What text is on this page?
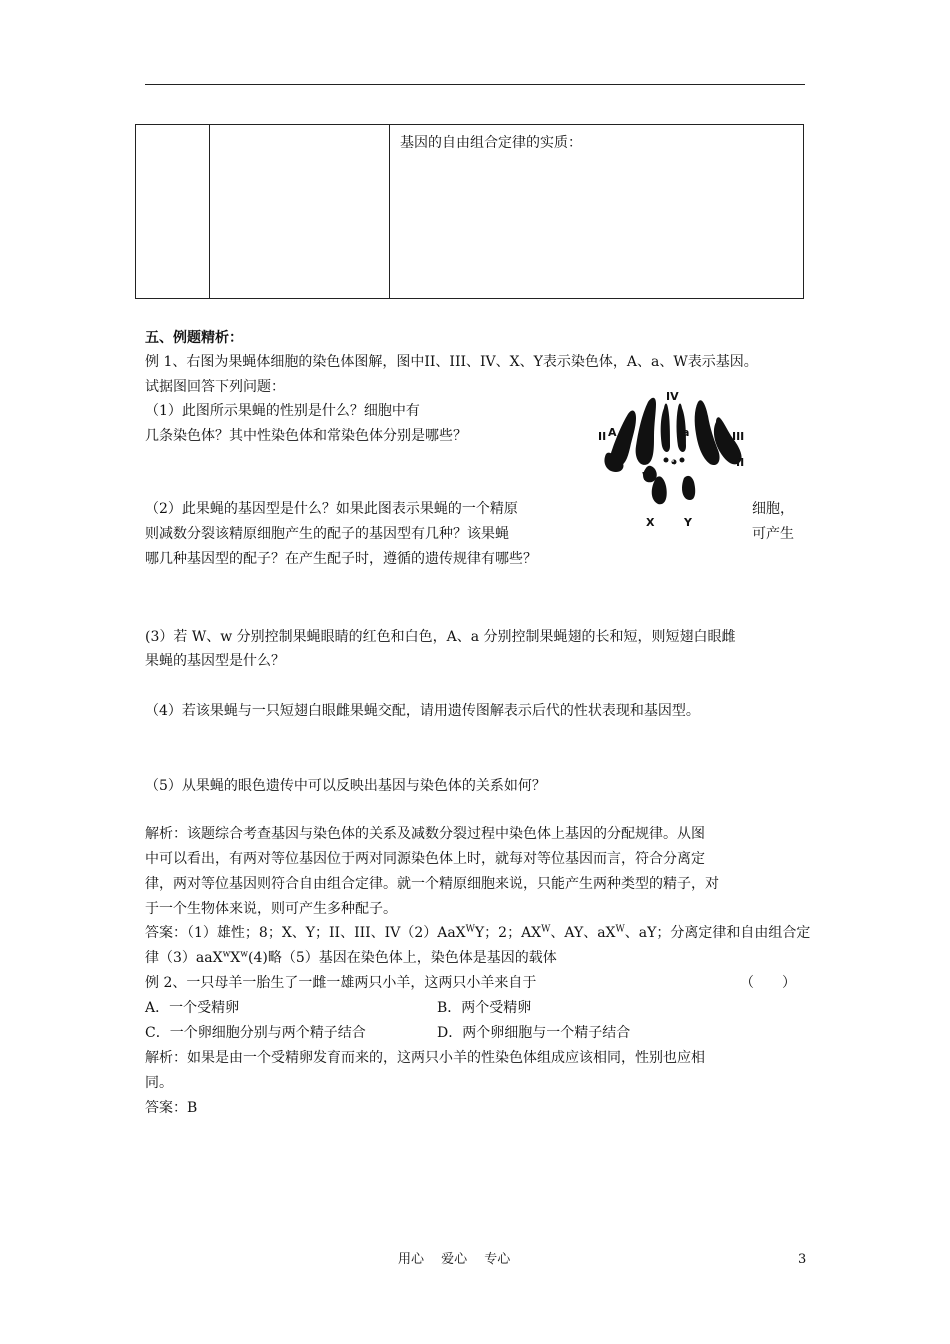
		基因的自由组合定律的实质：
五、例题精析：
例 1、右图为果蝇体细胞的染色体图解，图中II、III、IV、X、Y表示染色体，A、a、W表示基因。
试据图回答下列问题：
（1）此图所示果蝇的性别是什么？细胞中有
几条染色体？其中性染色体和常染色体分别是哪些？
IV
A	a
II	III
II
W
X	Y
（2）此果蝇的基因型是什么？如果此图表示果蝇的一个精原	细胞，
则减数分裂该精原细胞产生的配子的基因型有几种？该果蝇	可产生
哪几种基因型的配子？在产生配子时，遵循的遗传规律有哪些？
(3）若 W、w 分别控制果蝇眼睛的红色和白色，A、a 分别控制果蝇翅的长和短，则短翅白眼雌
果蝇的基因型是什么？
（4）若该果蝇与一只短翅白眼雌果蝇交配，请用遗传图解表示后代的性状表现和基因型。
（5）从果蝇的眼色遗传中可以反映出基因与染色体的关系如何？
解析：该题综合考查基因与染色体的关系及减数分裂过程中染色体上基因的分配规律。从图
中可以看出，有两对等位基因位于两对同源染色体上时，就每对等位基因而言，符合分离定
律，两对等位基因则符合自由组合定律。就一个精原细胞来说，只能产生两种类型的精子，对
于一个生物体来说，则可产生多种配子。
答案：（1）雄性；8；X、Y；II、III、IV（2）AaX$^W$Y；2；$AX^W$、AY、$aX^W$、aY；分离定律和自由组合定
律$(3)aaX^wX^w(4)$略（5）基因在染色体上，染色体是基因的载体
例 2、一只母羊一胎生了一雌一雄两只小羊，这两只小羊来自于	（　　）
A．一个受精卵	B．两个受精卵
C．一个卵细胞分别与两个精子结合	D．两个卵细胞与一个精子结合
解析：如果是由一个受精卵发育而来的，这两只小羊的性染色体组成应该相同，性别也应相
同。
答案：B
用心　 爱心　 专心	3
